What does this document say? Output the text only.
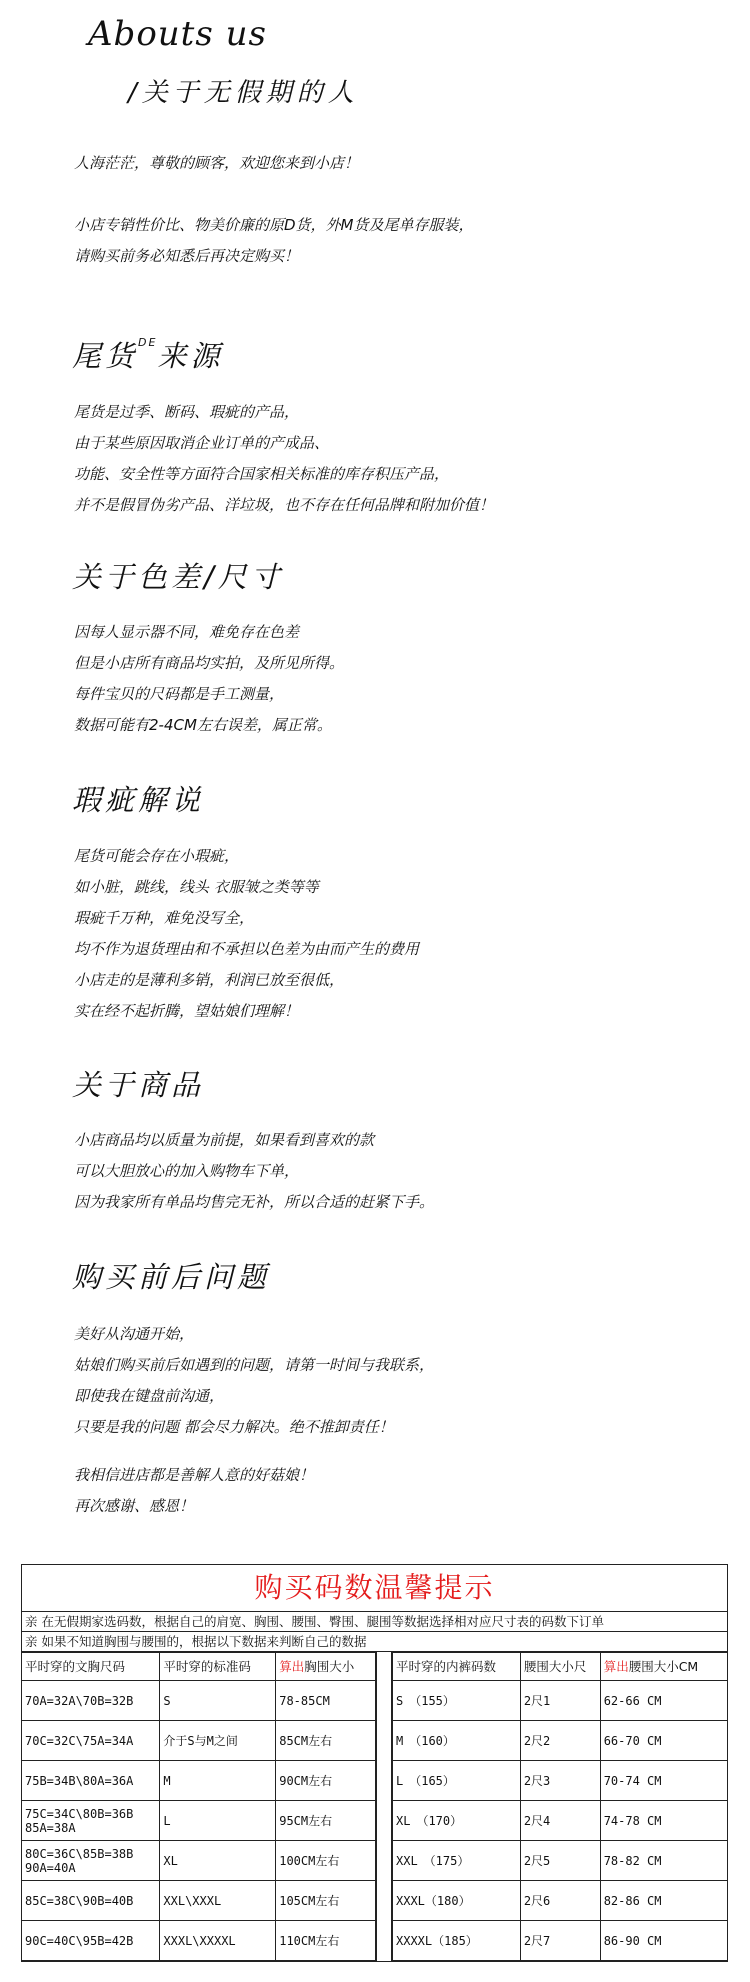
Abouts us
/关于无假期的人

人海茫茫，尊敬的顾客，欢迎您来到小店！

小店专销性价比、物美价廉的原D货，外M货及尾单存服装，

请购买前务必知悉后再决定购买！

尾货$^{DE}$来源

尾货是过季、断码、瑕疵的产品，

由于某些原因取消企业订单的产成品、

功能、安全性等方面符合国家相关标准的库存积压产品，

并不是假冒伪劣产品、洋垃圾，也不存在任何品牌和附加价值！

关于色差/尺寸

因每人显示器不同，难免存在色差

但是小店所有商品均实拍，及所见所得。

每件宝贝的尺码都是手工测量，

数据可能有2-4CM左右误差，属正常。

瑕疵解说

尾货可能会存在小瑕疵，

如小脏，跳线，线头 衣服皱之类等等

瑕疵千万种，难免没写全，

均不作为退货理由和不承担以色差为由而产生的费用

小店走的是薄利多销，利润已放至很低，

实在经不起折腾，望姑娘们理解！

关于商品

小店商品均以质量为前提，如果看到喜欢的款

可以大胆放心的加入购物车下单，

因为我家所有单品均售完无补，所以合适的赶紧下手。

购买前后问题

美好从沟通开始，

姑娘们购买前后如遇到的问题，请第一时间与我联系，

即使我在键盘前沟通，

只要是我的问题 都会尽力解决。绝不推卸责任！

我相信进店都是善解人意的好菇娘！

再次感谢、感恩！

购买码数温馨提示
亲 在无假期家选码数，根据自己的肩宽、胸围、腰围、臀围、腿围等数据选择相对应尺寸表的码数下订单
亲 如果不知道胸围与腰围的，根据以下数据来判断自己的数据
平时穿的文胸尺码	平时穿的标准码	算出胸围大小
70A=32A\70B=32B	S	78-85CM
70C=32C\75A=34A	介于S与M之间	85CM左右
75B=34B\80A=36A	M	90CM左右
75C=34C\80B=36B 85A=38A	L	95CM左右
80C=36C\85B=38B 90A=40A	XL	100CM左右
85C=38C\90B=40B	XXL\XXXL	105CM左右
90C=40C\95B=42B	XXXL\XXXXL	110CM左右
平时穿的内裤码数	腰围大小尺	算出腰围大小CM
S　（155）	2尺1	62-66 CM
M　（160）	2尺2	66-70 CM
L　（165）	2尺3	70-74 CM
XL　（170）	2尺4	74-78 CM
XXL　（175）	2尺5	78-82 CM
XXXL（180）	2尺6	82-86 CM
XXXXL（185）	2尺7	86-90 CM
